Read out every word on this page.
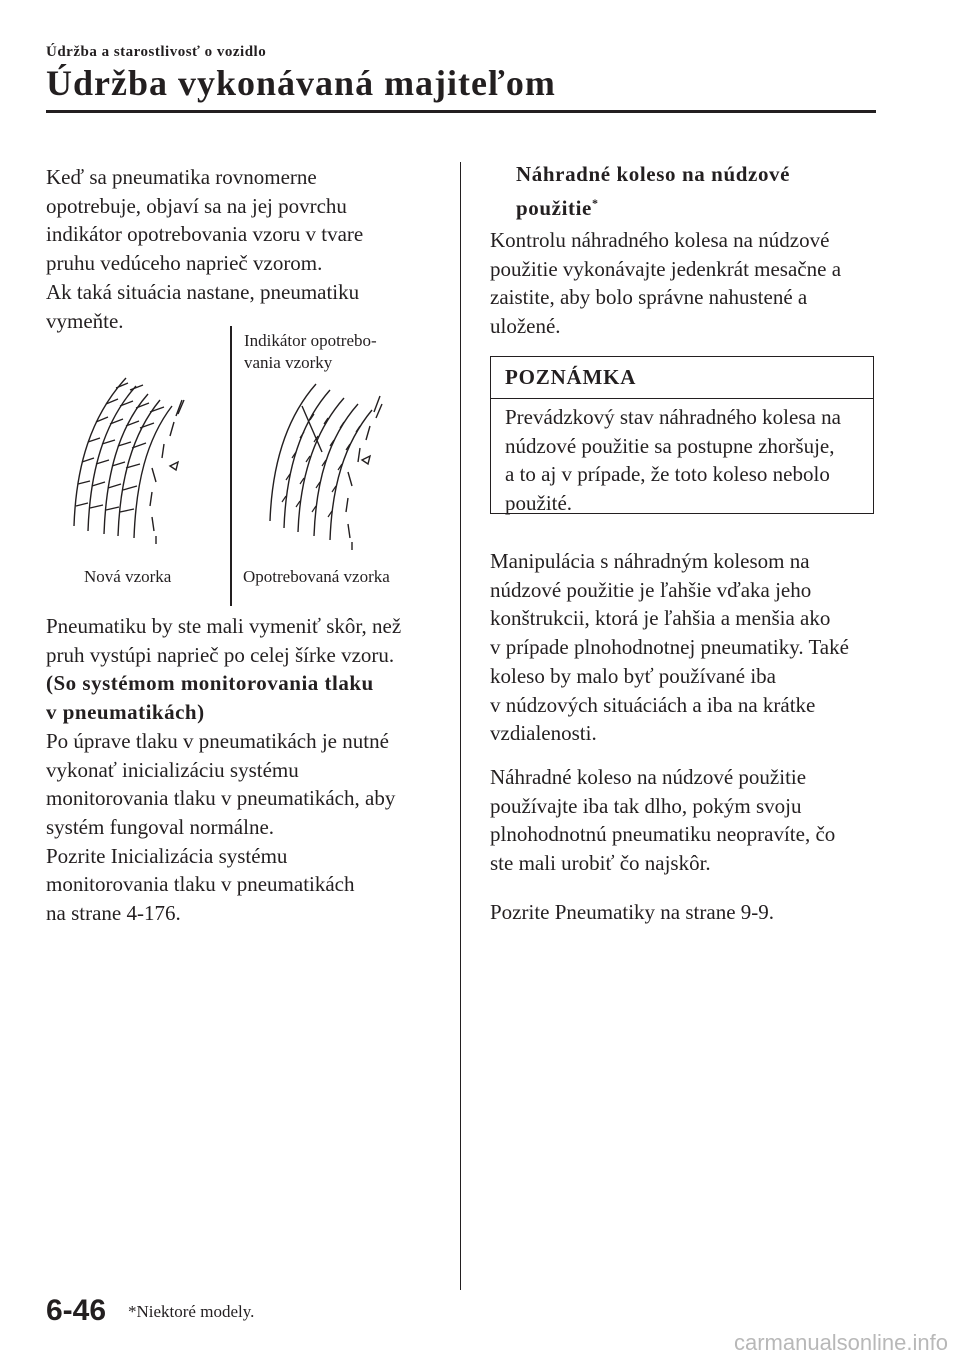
Údržba a starostlivosť o vozidlo
Údržba vykonávaná majiteľom

Keď sa pneumatika rovnomerne

opotrebuje, objaví sa na jej povrchu

indikátor opotrebovania vzoru v tvare

pruhu vedúceho naprieč vzorom.

Ak taká situácia nastane, pneumatiku

vymeňte.

Indikátor opotrebo-
vania vzorky
Nová vzorka	Opotrebovaná vzorka

Pneumatiku by ste mali vymeniť skôr, než

pruh vystúpi naprieč po celej šírke vzoru.

(So systémom monitorovania tlaku

v pneumatikách)

Po úprave tlaku v pneumatikách je nutné

vykonať inicializáciu systému

monitorovania tlaku v pneumatikách, aby

systém fungoval normálne.

Pozrite Inicializácia systému

monitorovania tlaku v pneumatikách

na strane 4-176.

Náhradné koleso na núdzové
použitie*

Kontrolu náhradného kolesa na núdzové

použitie vykonávajte jedenkrát mesačne a

zaistite, aby bolo správne nahustené a

uložené.

POZNÁMKA

Prevádzkový stav náhradného kolesa na

núdzové použitie sa postupne zhoršuje,

a to aj v prípade, že toto koleso nebolo

použité.

Manipulácia s náhradným kolesom na

núdzové použitie je ľahšie vďaka jeho

konštrukcii, ktorá je ľahšia a menšia ako

v prípade plnohodnotnej pneumatiky. Také

koleso by malo byť používané iba

v núdzových situáciách a iba na krátke

vzdialenosti.

Náhradné koleso na núdzové použitie

používajte iba tak dlho, pokým svoju

plnohodnotnú pneumatiku neopravíte, čo

ste mali urobiť čo najskôr.

Pozrite Pneumatiky na strane 9-9.

6-46 *Niektoré modely.
carmanualsonline.info
